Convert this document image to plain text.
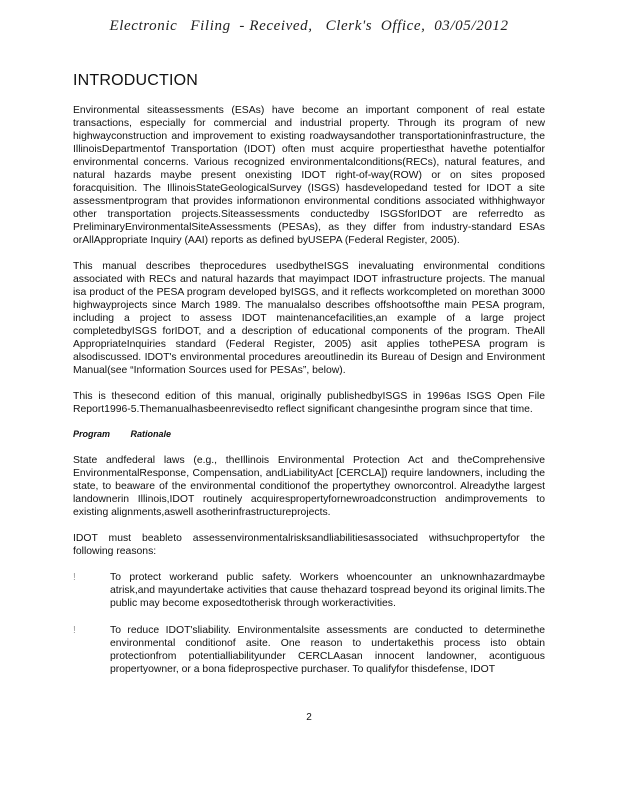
Electronic   Filing  - Received,   Clerk's  Office,  03/05/2012
INTRODUCTION

Environmental siteassessments (ESAs) have become an important component of real estate transactions, especially for commercial and industrial property. Through its program of new highwayconstruction and improvement to existing roadwaysandother transportationinfrastructure, the IllinoisDepartmentof Transportation (IDOT) often must acquire propertiesthat havethe potentialfor environmental concerns. Various recognized environmentalconditions(RECs), natural features, and natural hazards maybe present onexisting IDOT right-of-way(ROW) or on sites proposed foracquisition. The IllinoisStateGeologicalSurvey (ISGS) hasdevelopedand tested for IDOT a site assessmentprogram that provides informationon environmental conditions associated withhighwayor other transportation projects.Siteassessments conductedby ISGSforIDOT are referredto as PreliminaryEnvironmentalSiteAssessments (PESAs), as they differ from industry-standard ESAs orAllAppropriate Inquiry (AAI) reports as defined byUSEPA (Federal Register, 2005).

This manual describes theprocedures usedbytheISGS inevaluating environmental conditions associated with RECs and natural hazards that mayimpact IDOT infrastructure projects. The manual isa product of the PESA program developed byISGS, and it reflects workcompleted on morethan 3000 highwayprojects since March 1989. The manualalso describes offshootsofthe main PESA program, including a project to assess IDOT maintenancefacilities,an example of a large project completedbyISGS forIDOT, and a description of educational components of the program. TheAll AppropriateInquiries standard (Federal Register, 2005) asit applies tothePESA program is alsodiscussed. IDOT's environmental procedures areoutlinedin its Bureau of Design and Environment Manual(see “Information Sources used for PESAs”, below).

This is thesecond edition of this manual, originally publishedbyISGS in 1996as ISGS Open File Report1996-5.Themanualhasbeenrevisedto reflect significant changesinthe program since that time.

Program Rationale

State andfederal laws (e.g., theIllinois Environmental Protection Act and theComprehensive EnvironmentalResponse, Compensation, andLiabilityAct [CERCLA]) require landowners, including the state, to beaware of the environmental conditionof the propertythey ownorcontrol. Alreadythe largest landownerin Illinois,IDOT routinely acquirespropertyfornewroadconstruction andimprovements to existing alignments,aswell asotherinfrastructureprojects.

IDOT must beableto assessenvironmentalrisksandliabilitiesassociated withsuchpropertyfor the following reasons:

!	To protect workerand public safety. Workers whoencounter an unknownhazardmaybe atrisk,and mayundertake activities that cause thehazard tospread beyond its original limits.The public may become exposedtotherisk through workeractivities.

!	To reduce IDOT'sliability. Environmentalsite assessments are conducted to determinethe environmental conditionof asite. One reason to undertakethis process isto obtain protectionfrom potentialliabilityunder CERCLAasan innocent landowner, acontiguous propertyowner, or a bona fideprospective purchaser. To qualifyfor thisdefense, IDOT

2
